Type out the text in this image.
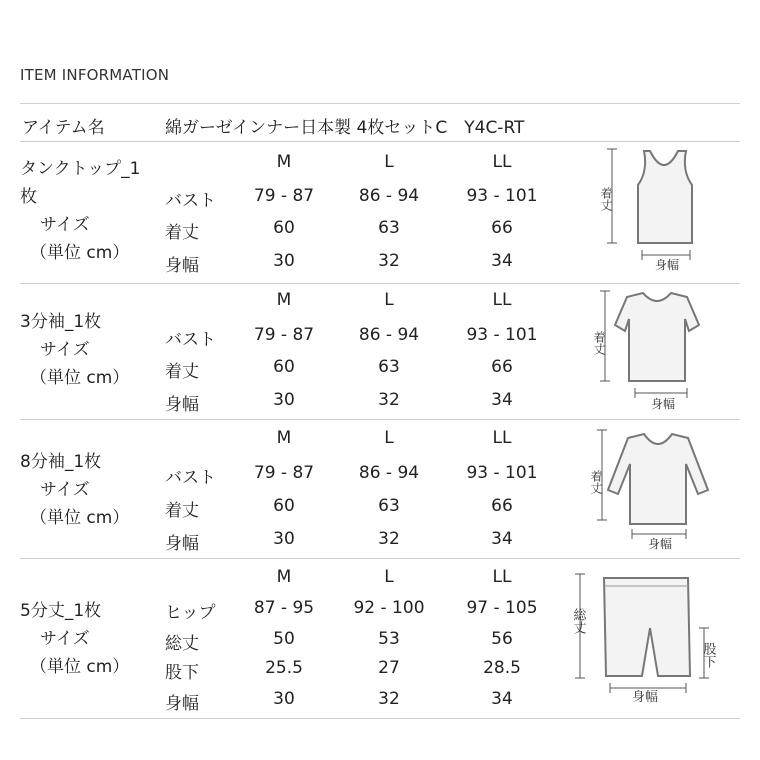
ITEM INFORMATION
アイテム名	綿ガーゼインナー日本製 4枚セットC　Y4C-RT
タンクトップ_1
枚
サイズ
（単位 cm）
M	L	LL
バスト	79 - 87	86 - 94	93 - 101
着丈	60	63	66
身幅	30	32	34
着丈
身幅
3分袖_1枚
サイズ
（単位 cm）
M	L	LL
バスト	79 - 87	86 - 94	93 - 101
着丈	60	63	66
身幅	30	32	34
着丈
身幅
8分袖_1枚
サイズ
（単位 cm）
M	L	LL
バスト	79 - 87	86 - 94	93 - 101
着丈	60	63	66
身幅	30	32	34
着丈
身幅
5分丈_1枚
サイズ
（単位 cm）
M	L	LL
ヒップ	87 - 95	92 - 100	97 - 105
総丈	50	53	56
股下	25.5	27	28.5
身幅	30	32	34
総丈
股下
身幅
